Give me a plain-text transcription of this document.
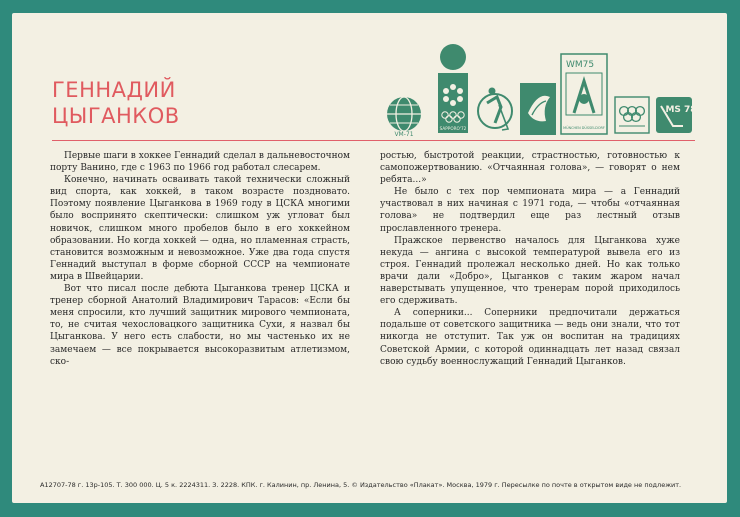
ГЕННАДИЙ
ЦЫГАНКОВ
VM-71
SAPPORO'72
WM75
MÜNCHEN DÜSSELDORF
MS 78

Первые шаги в хоккее Геннадий сделал в дальневосточном порту Ванино, где с 1963 по 1966 год работал слесарем.

Конечно, начинать осваивать такой технически сложный вид спорта, как хоккей, в таком возрасте поздновато. Поэтому появление Цыганкова в 1969 году в ЦСКА многими было воспринято скептически: слишком уж угловат был новичок, слишком много пробелов было в его хоккейном образовании. Но когда хоккей — одна, но пламенная страсть, становится возможным и невозможное. Уже два года спустя Геннадий выступал в форме сборной СССР на чемпионате мира в Швейцарии.

Вот что писал после дебюта Цыганкова тренер ЦСКА и тренер сборной Анатолий Владимирович Тарасов: «Если бы меня спросили, кто лучший защитник мирового чемпионата, то, не считая чехословацкого защитника Сухи, я назвал бы Цыганкова. У него есть слабости, но мы частенько их не замечаем — все покрывается высокоразвитым атлетизмом, ско-

ростью, быстротой реакции, страстностью, готовностью к самопожертвованию. «Отчаянная голова», — говорят о нем ребята...»

Не было с тех пор чемпионата мира — а Геннадий участвовал в них начиная с 1971 года, — чтобы «отчаянная голова» не подтвердил еще раз лестный отзыв прославленного тренера.

Пражское первенство началось для Цыганкова хуже некуда — ангина с высокой температурой вывела его из строя. Геннадий пролежал несколько дней. Но как только врачи дали «Добро», Цыганков с таким жаром начал наверстывать упущенное, что тренерам порой приходилось его сдерживать.

А соперники... Соперники предпочитали держаться подальше от советского защитника — ведь они знали, что тот никогда не отступит. Так уж он воспитан на традициях Советской Армии, с которой одиннадцать лет назад связал свою судьбу военнослужащий Геннадий Цыганков.

А12707-78 г. 13р-105. Т. 300 000. Ц. 5 к. 2224311. З. 2228. КПК. г. Калинин, пр. Ленина, 5. © Издательство «Плакат». Москва, 1979 г. Пересылке по почте в открытом виде не подлежит.
